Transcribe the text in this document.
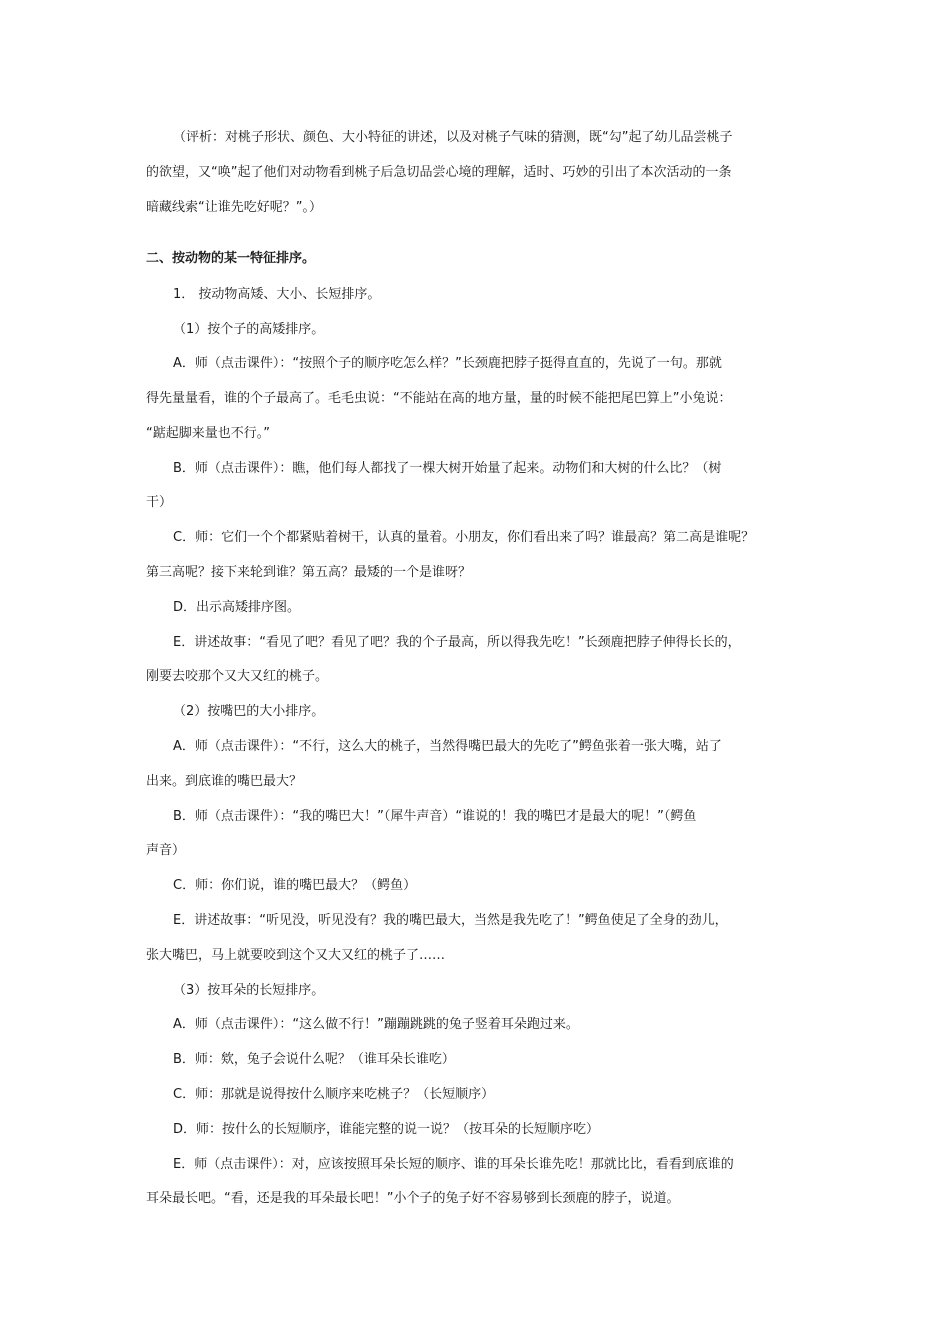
（评析：对桃子形状、颜色、大小特征的讲述，以及对桃子气味的猜测，既“勾”起了幼儿品尝桃子

的欲望，又“唤”起了他们对动物看到桃子后急切品尝心境的理解，适时、巧妙的引出了本次活动的一条

暗藏线索“让谁先吃好呢？”。）

二、按动物的某一特征排序。

1． 按动物高矮、大小、长短排序。

（1）按个子的高矮排序。

A．师（点击课件）：“按照个子的顺序吃怎么样？”长颈鹿把脖子挺得直直的，先说了一句。那就

得先量量看，谁的个子最高了。毛毛虫说：“不能站在高的地方量，量的时候不能把尾巴算上”小兔说：

“踮起脚来量也不行。”

B．师（点击课件）：瞧，他们每人都找了一棵大树开始量了起来。动物们和大树的什么比？（树

干）

C．师：它们一个个都紧贴着树干，认真的量着。小朋友，你们看出来了吗？谁最高？第二高是谁呢？

第三高呢？接下来轮到谁？第五高？最矮的一个是谁呀？

D．出示高矮排序图。

E．讲述故事：“看见了吧？看见了吧？我的个子最高，所以得我先吃！”长颈鹿把脖子伸得长长的，

刚要去咬那个又大又红的桃子。

（2）按嘴巴的大小排序。

A．师（点击课件）：“不行，这么大的桃子，当然得嘴巴最大的先吃了”鳄鱼张着一张大嘴，站了

出来。到底谁的嘴巴最大？

B．师（点击课件）：“我的嘴巴大！”（犀牛声音）“谁说的！我的嘴巴才是最大的呢！”（鳄鱼

声音）

C．师：你们说，谁的嘴巴最大？（鳄鱼）

E．讲述故事：“听见没，听见没有？我的嘴巴最大，当然是我先吃了！”鳄鱼使足了全身的劲儿，

张大嘴巴，马上就要咬到这个又大又红的桃子了……

（3）按耳朵的长短排序。

A．师（点击课件）：“这么做不行！”蹦蹦跳跳的兔子竖着耳朵跑过来。

B．师：欸，兔子会说什么呢？（谁耳朵长谁吃）

C．师：那就是说得按什么顺序来吃桃子？（长短顺序）

D．师：按什么的长短顺序，谁能完整的说一说？（按耳朵的长短顺序吃）

E．师（点击课件）：对，应该按照耳朵长短的顺序、谁的耳朵长谁先吃！那就比比，看看到底谁的

耳朵最长吧。“看，还是我的耳朵最长吧！”小个子的兔子好不容易够到长颈鹿的脖子，说道。
